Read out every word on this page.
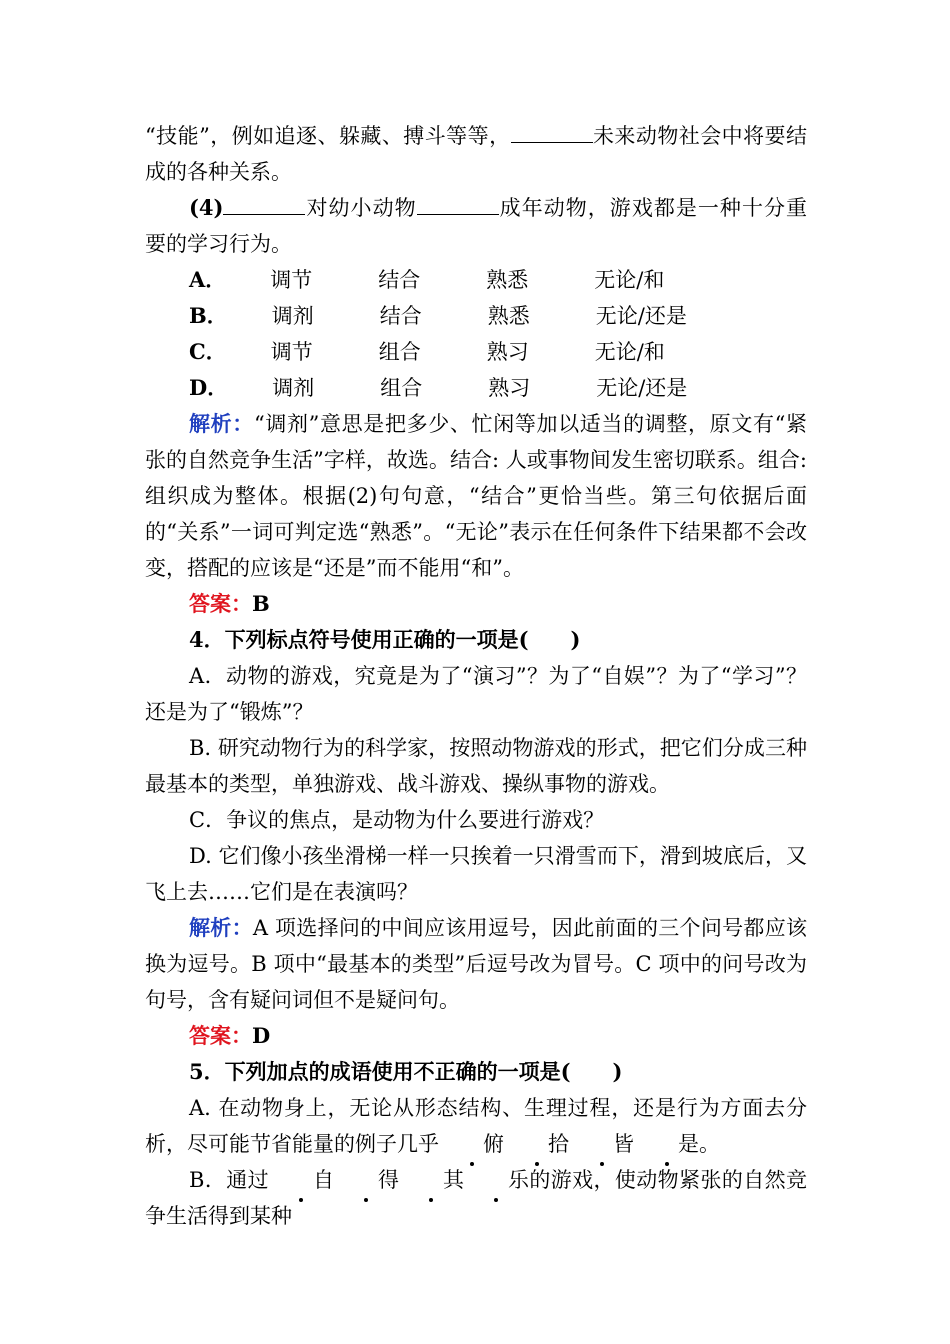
“技能”，例如追逐、躲藏、搏斗等等，	未来动物社会中将要结成的各种关系。

(4)	对幼小动物	成年动物，游戏都是一种十分重要的学习行为。

A． 调节	结合	熟悉	无论/和

B． 调剂	结合	熟悉	无论/还是

C． 调节	组合	熟习	无论/和

D． 调剂	组合	熟习	无论/还是

解析：“调剂”意思是把多少、忙闲等加以适当的调整，原文有“紧张的自然竞争生活”字样，故选。结合: 人或事物间发生密切联系。组合: 组织成为整体。根据(2)句句意，“结合”更恰当些。第三句依据后面的“关系”一词可判定选“熟悉”。“无论”表示在任何条件下结果都不会改变，搭配的应该是“还是”而不能用“和”。

答案：B

4．下列标点符号使用正确的一项是(　　)

A．动物的游戏，究竟是为了“演习”？为了“自娱”？为了“学习”？还是为了“锻炼”？

B. 研究动物行为的科学家，按照动物游戏的形式，把它们分成三种最基本的类型，单独游戏、战斗游戏、操纵事物的游戏。

C．争议的焦点，是动物为什么要进行游戏？

D. 它们像小孩坐滑梯一样一只挨着一只滑雪而下，滑到坡底后，又飞上去……它们是在表演吗？

解析：A 项选择问的中间应该用逗号，因此前面的三个问号都应该换为逗号。B 项中“最基本的类型”后逗号改为冒号。C 项中的问号改为句号，含有疑问词但不是疑问句。

答案：D

5．下列加点的成语使用不正确的一项是(　　)

A. 在动物身上，无论从形态结构、生理过程，还是行为方面去分析，尽可能节省能量的例子几乎 俯 拾 皆 是。

B．通过 自 得 其 乐的游戏，使动物紧张的自然竞争生活得到某种
